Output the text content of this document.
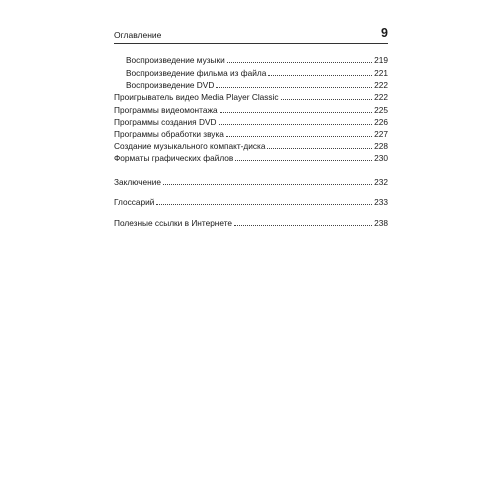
Оглавление	9
Воспроизведение музыки	219
Воспроизведение фильма из файла	221
Воспроизведение DVD	222
Проигрыватель видео Media Player Classic	222
Программы видеомонтажа	225
Программы создания DVD	226
Программы обработки звука	227
Создание музыкального компакт-диска	228
Форматы графических файлов	230
Заключение	232
Глоссарий	233
Полезные ссылки в Интернете	238
